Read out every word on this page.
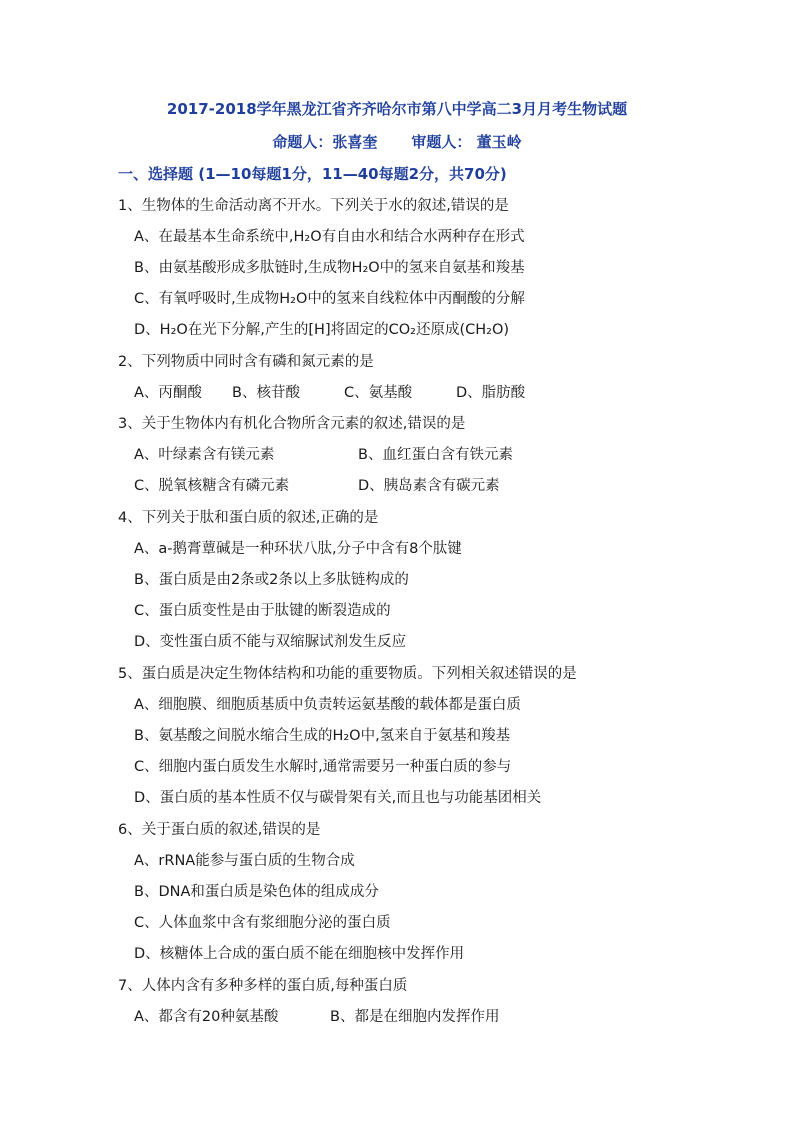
2017-2018学年黑龙江省齐齐哈尔市第八中学高二3月月考生物试题
命题人：张喜奎 审题人： 董玉岭
一、选择题 (1—10每题1分，11—40每题2分，共70分)
1、生物体的生命活动离不开水。下列关于水的叙述,错误的是
A、在最基本生命系统中,H₂O有自由水和结合水两种存在形式
B、由氨基酸形成多肽链时,生成物H₂O中的氢来自氨基和羧基
C、有氧呼吸时,生成物H₂O中的氢来自线粒体中丙酮酸的分解
D、H₂O在光下分解,产生的[H]将固定的CO₂还原成(CH₂O)
2、下列物质中同时含有磷和氮元素的是
A、丙酮酸 B、核苷酸	C、氨基酸	D、脂肪酸
3、关于生物体内有机化合物所含元素的叙述,错误的是
A、叶绿素含有镁元素	B、血红蛋白含有铁元素
C、脱氧核糖含有磷元素	D、胰岛素含有碳元素
4、下列关于肽和蛋白质的叙述,正确的是
A、a-鹅膏蕈碱是一种环状八肽,分子中含有8个肽键
B、蛋白质是由2条或2条以上多肽链构成的
C、蛋白质变性是由于肽键的断裂造成的
D、变性蛋白质不能与双缩脲试剂发生反应
5、蛋白质是决定生物体结构和功能的重要物质。下列相关叙述错误的是
A、细胞膜、细胞质基质中负责转运氨基酸的载体都是蛋白质
B、氨基酸之间脱水缩合生成的H₂O中,氢来自于氨基和羧基
C、细胞内蛋白质发生水解时,通常需要另一种蛋白质的参与
D、蛋白质的基本性质不仅与碳骨架有关,而且也与功能基团相关
6、关于蛋白质的叙述,错误的是
A、rRNA能参与蛋白质的生物合成
B、DNA和蛋白质是染色体的组成成分
C、人体血浆中含有浆细胞分泌的蛋白质
D、核糖体上合成的蛋白质不能在细胞核中发挥作用
7、人体内含有多种多样的蛋白质,每种蛋白质
A、都含有20种氨基酸	B、都是在细胞内发挥作用
